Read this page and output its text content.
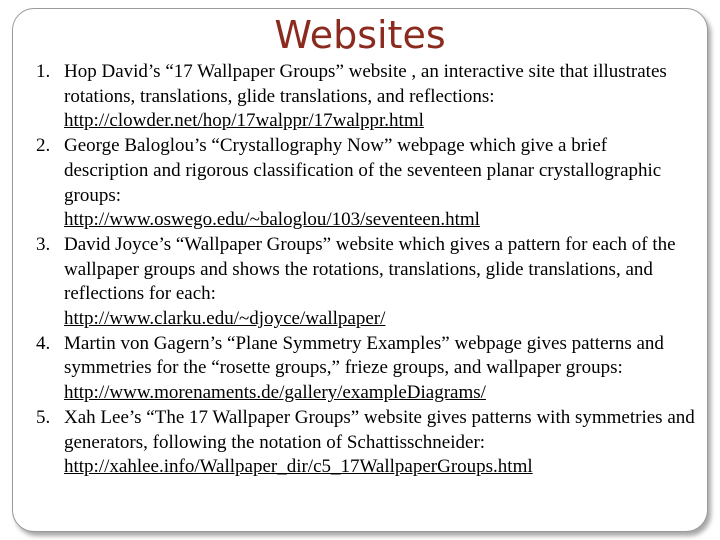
Websites
1. Hop David’s “17 Wallpaper Groups” website , an interactive site that illustrates rotations, translations, glide translations, and reflections:
http://clowder.net/hop/17walppr/17walppr.html
2. George Baloglou’s “Crystallography Now” webpage which give a brief description and rigorous classification of the seventeen planar crystallographic groups:
http://www.oswego.edu/~baloglou/103/seventeen.html
3. David Joyce’s “Wallpaper Groups” website which gives a pattern for each of the wallpaper groups and shows the rotations, translations, glide translations, and reflections for each:
http://www.clarku.edu/~djoyce/wallpaper/
4. Martin von Gagern’s “Plane Symmetry Examples” webpage gives patterns and symmetries for the “rosette groups,” frieze groups, and wallpaper groups: http://www.morenaments.de/gallery/exampleDiagrams/
5. Xah Lee’s “The 17 Wallpaper Groups” website gives patterns with symmetries and generators, following the notation of Schattisschneider:
http://xahlee.info/Wallpaper_dir/c5_17WallpaperGroups.html
